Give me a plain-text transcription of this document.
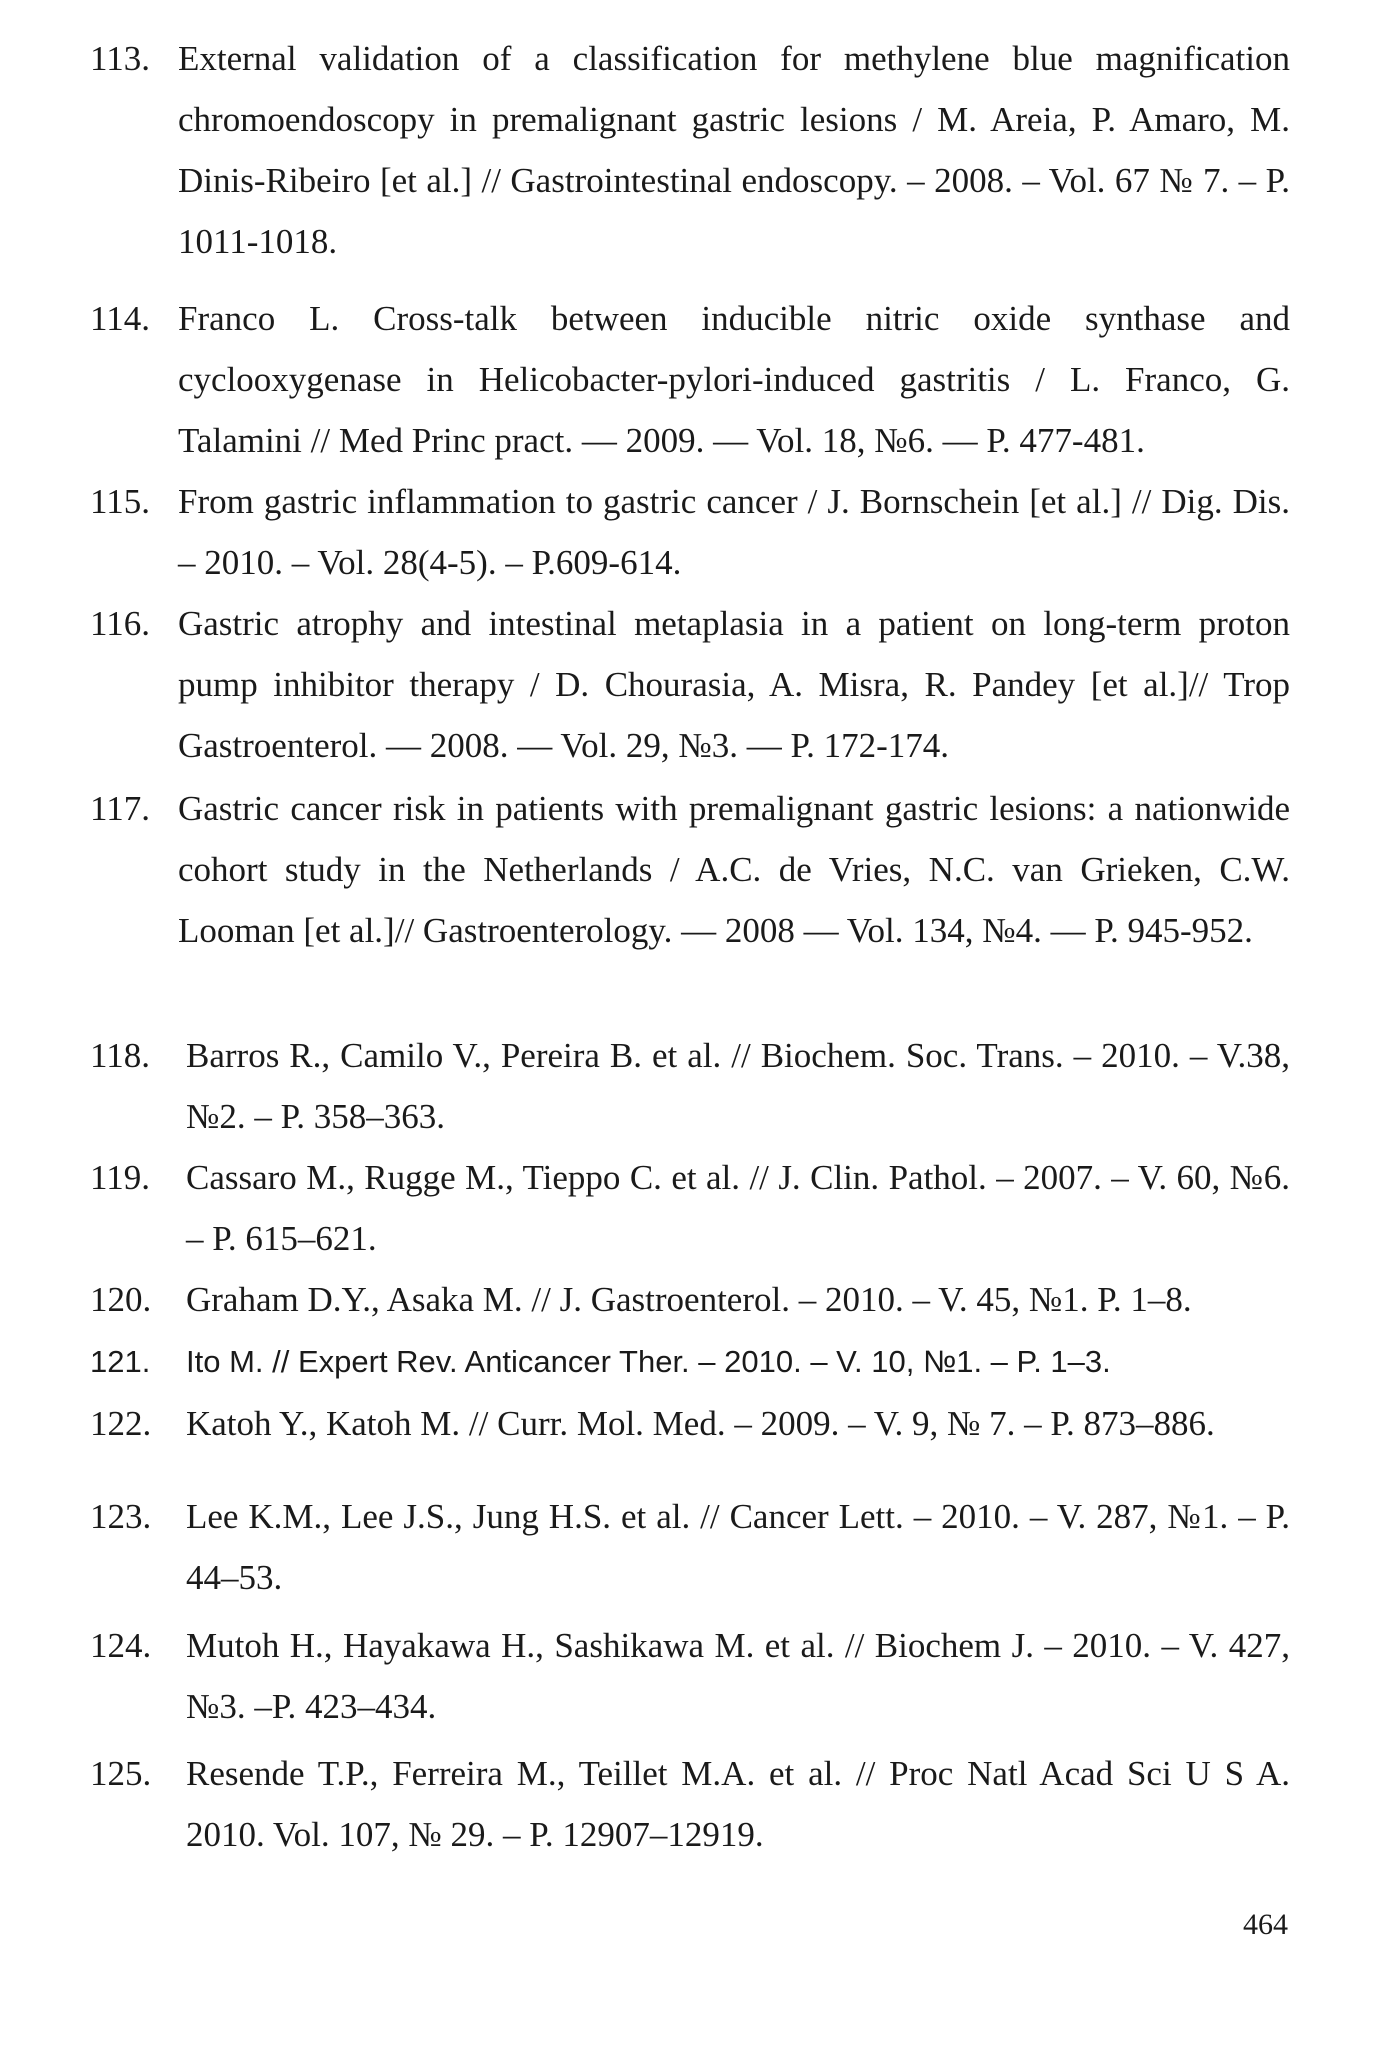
113. External validation of a classification for methylene blue magnification chromoendoscopy in premalignant gastric lesions / M. Areia, P. Amaro, M. Dinis-Ribeiro [et al.] // Gastrointestinal endoscopy. – 2008. – Vol. 67 № 7. – P. 1011-1018.
114. Franco L. Cross-talk between inducible nitric oxide synthase and cyclooxygenase in Helicobacter-pylori-induced gastritis / L. Franco, G. Talamini // Med Princ pract. — 2009. — Vol. 18, №6. — P. 477-481.
115. From gastric inflammation to gastric cancer / J. Bornschein [et al.] // Dig. Dis. – 2010. – Vol. 28(4-5). – P.609-614.
116. Gastric atrophy and intestinal metaplasia in a patient on long-term proton pump inhibitor therapy / D. Chourasia, A. Misra, R. Pandey [et al.]// Trop Gastroenterol. — 2008. — Vol. 29, №3. — P. 172-174.
117. Gastric cancer risk in patients with premalignant gastric lesions: a nationwide cohort study in the Netherlands / A.C. de Vries, N.C. van Grieken, C.W. Looman [et al.]// Gastroenterology. — 2008 — Vol. 134, №4. — P. 945-952.
118.	Barros R., Camilo V., Pereira B. et al. // Biochem. Soc. Trans. – 2010. – V.38, №2. – P. 358–363.
119.	Cassaro M., Rugge M., Tieppo C. et al. // J. Clin. Pathol. – 2007. – V. 60, №6. – P. 615–621.
120. Graham D.Y., Asaka M. // J. Gastroenterol. – 2010. – V. 45, №1. P. 1–8.
121.	Ito M. // Expert Rev. Anticancer Ther. – 2010. – V. 10, №1. – P. 1–3.
122. Katoh Y., Katoh M. // Curr. Mol. Med. – 2009. – V. 9, № 7. – P. 873–886.
123. Lee K.M., Lee J.S., Jung H.S. et al. // Cancer Lett. – 2010. – V. 287, №1. – P. 44–53.
124. Mutoh H., Hayakawa H., Sashikawa M. et al. // Biochem J. – 2010. – V. 427, №3. –P. 423–434.
125. Resende T.P., Ferreira M., Teillet M.A. et al. // Proc Natl Acad Sci U S A. 2010. Vol. 107, № 29. – P. 12907–12919.
464
